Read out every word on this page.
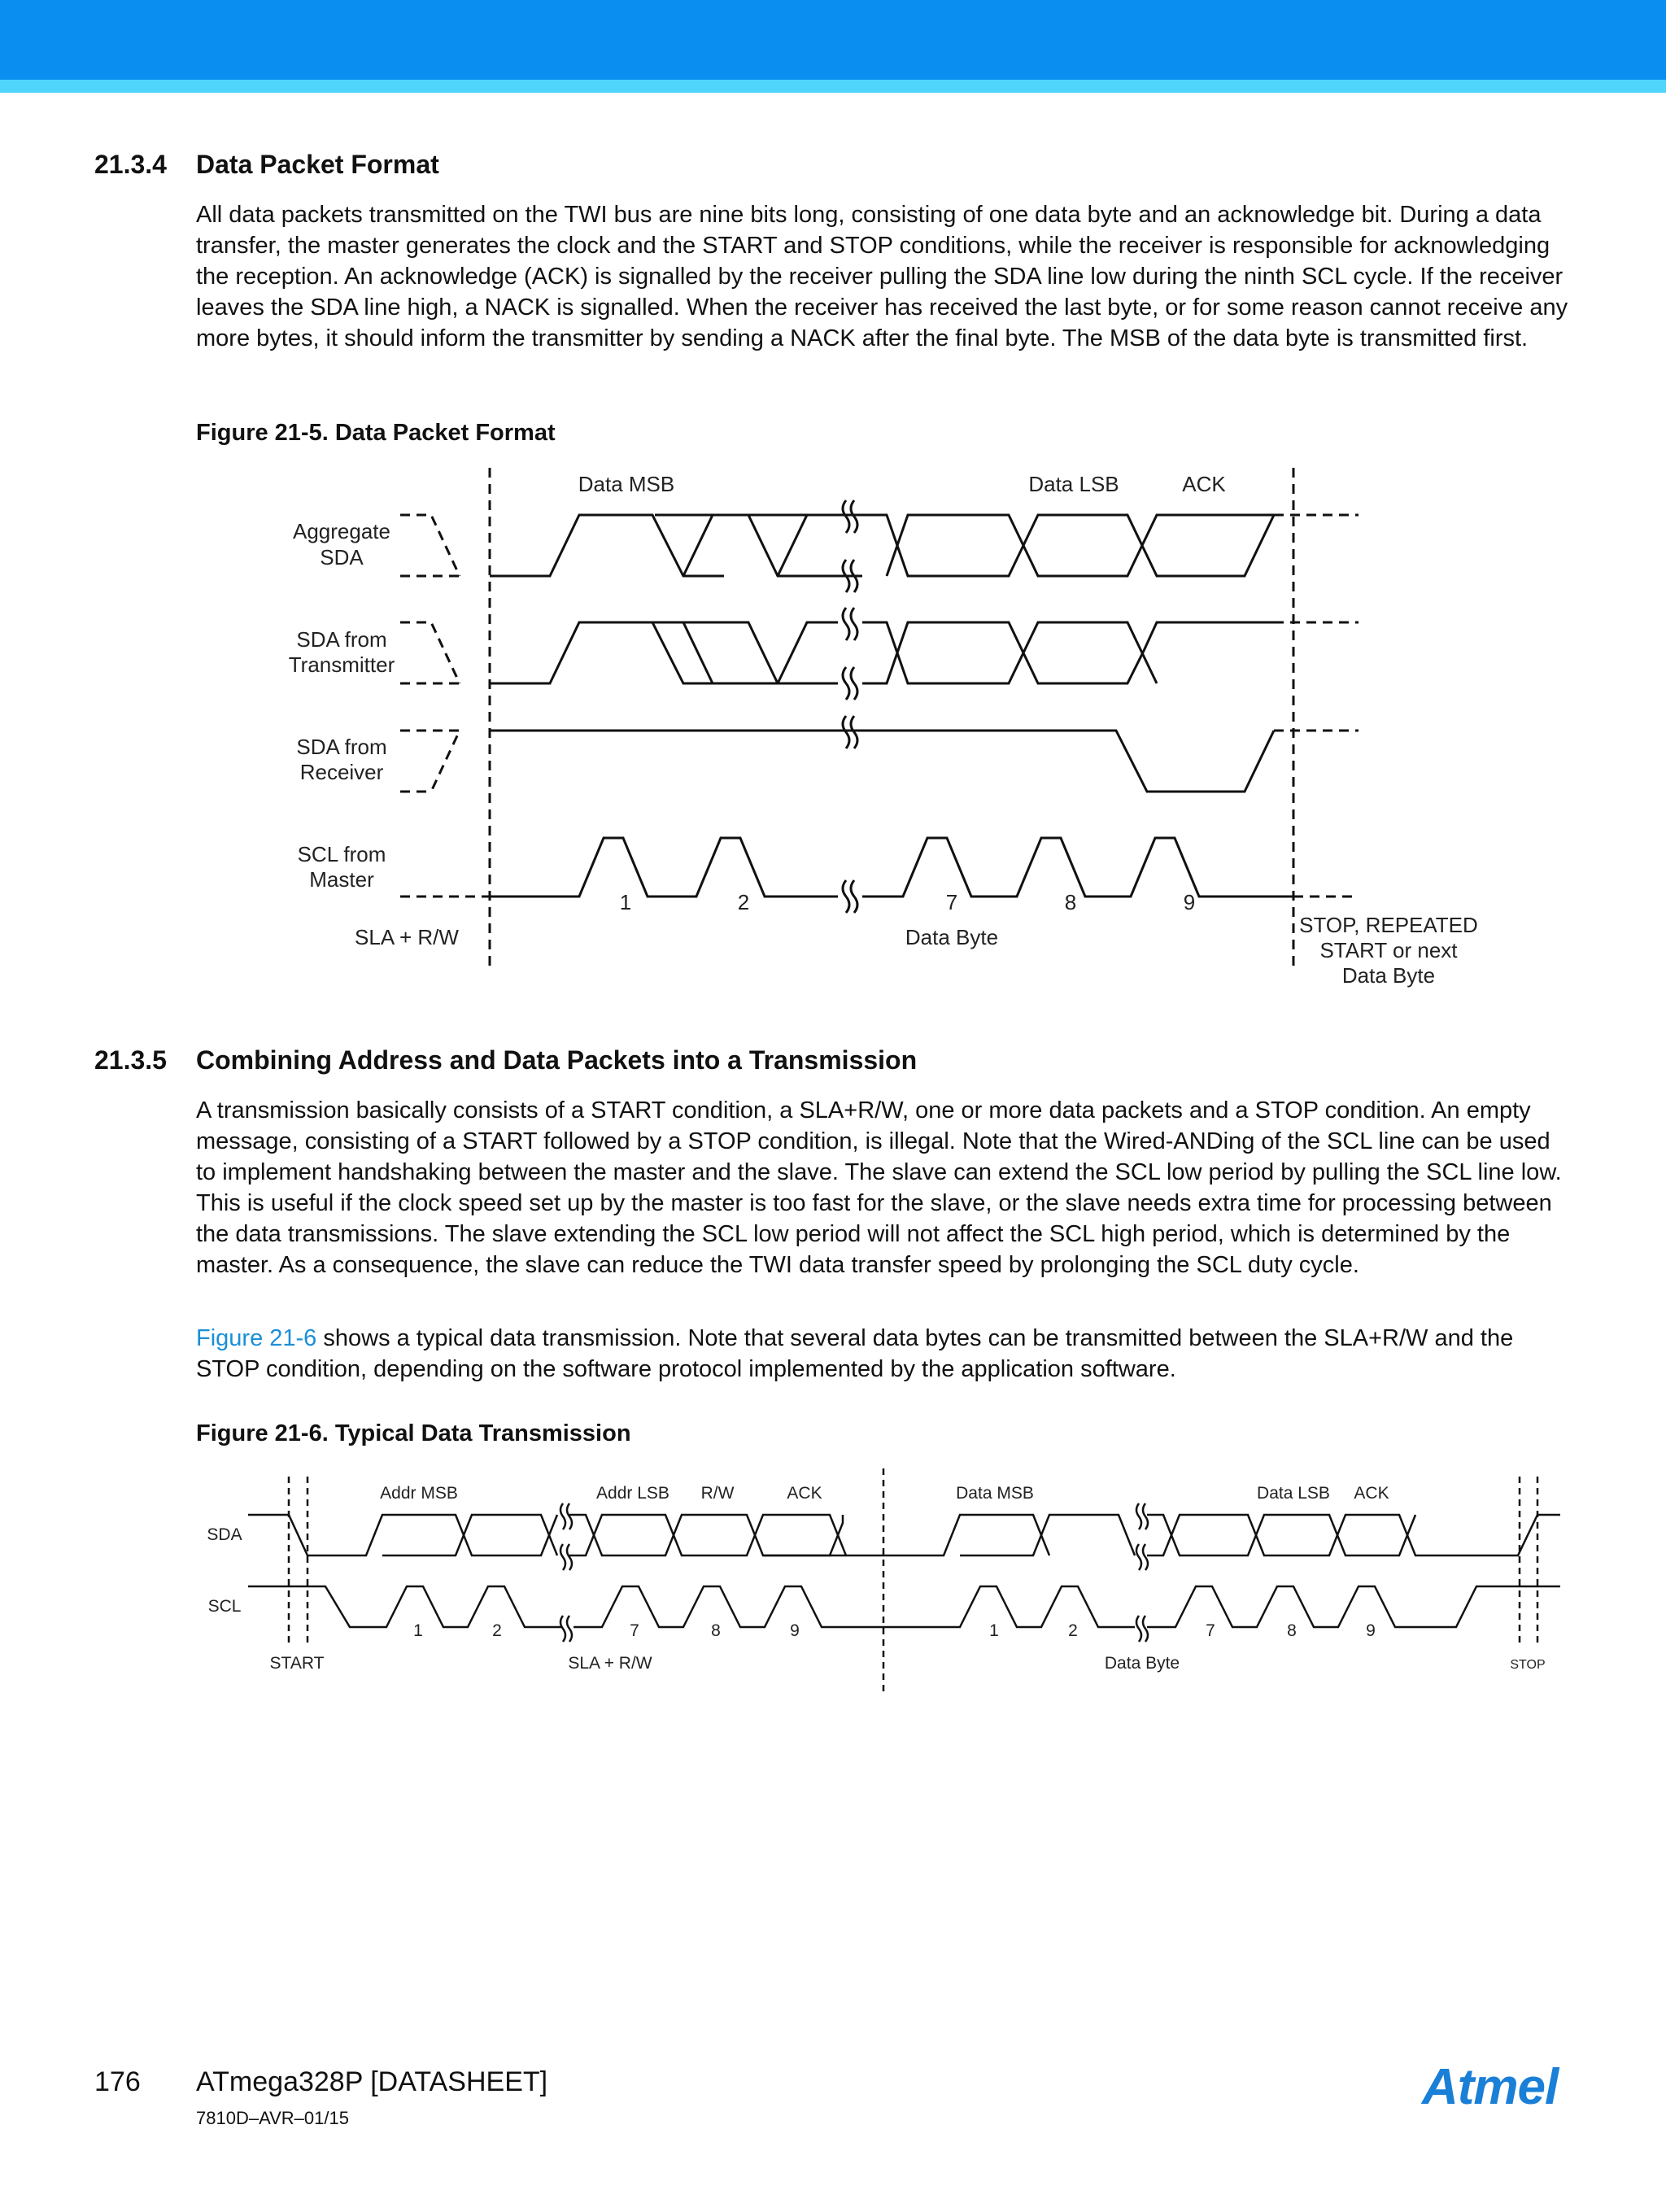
21.3.4 Data Packet Format

All data packets transmitted on the TWI bus are nine bits long, consisting of one data byte and an acknowledge bit. During a data transfer, the master generates the clock and the START and STOP conditions, while the receiver is responsible for acknowledging the reception. An acknowledge (ACK) is signalled by the receiver pulling the SDA line low during the ninth SCL cycle. If the receiver leaves the SDA line high, a NACK is signalled. When the receiver has received the last byte, or for some reason cannot receive any more bytes, it should inform the transmitter by sending a NACK after the final byte. The MSB of the data byte is transmitted first.

Figure 21-5. Data Packet Format
Data MSB	Data LSB	ACK
Aggregate
SDA
SDA from
Transmitter
SDA from
Receiver
SCL from
Master
1	2	7	8	9
SLA + R/W	Data Byte	STOP, REPEATED
START or next
Data Byte
21.3.5 Combining Address and Data Packets into a Transmission

A transmission basically consists of a START condition, a SLA+R/W, one or more data packets and a STOP condition. An empty message, consisting of a START followed by a STOP condition, is illegal. Note that the Wired-ANDing of the SCL line can be used to implement handshaking between the master and the slave. The slave can extend the SCL low period by pulling the SCL line low. This is useful if the clock speed set up by the master is too fast for the slave, or the slave needs extra time for processing between the data transmissions. The slave extending the SCL low period will not affect the SCL high period, which is determined by the master. As a consequence, the slave can reduce the TWI data transfer speed by prolonging the SCL duty cycle.

Figure 21-6 shows a typical data transmission. Note that several data bytes can be transmitted between the SLA+R/W and the STOP condition, depending on the software protocol implemented by the application software.

Figure 21-6. Typical Data Transmission
Addr MSB	Addr LSB R/W	ACK	Data MSB	Data LSB ACK
SDA
SCL
1	2	7	8	9	1	2	7	8	9
START	SLA + R/W	Data Byte	STOP
176 ATmega328P [DATASHEET]
7810D–AVR–01/15
Atmel
